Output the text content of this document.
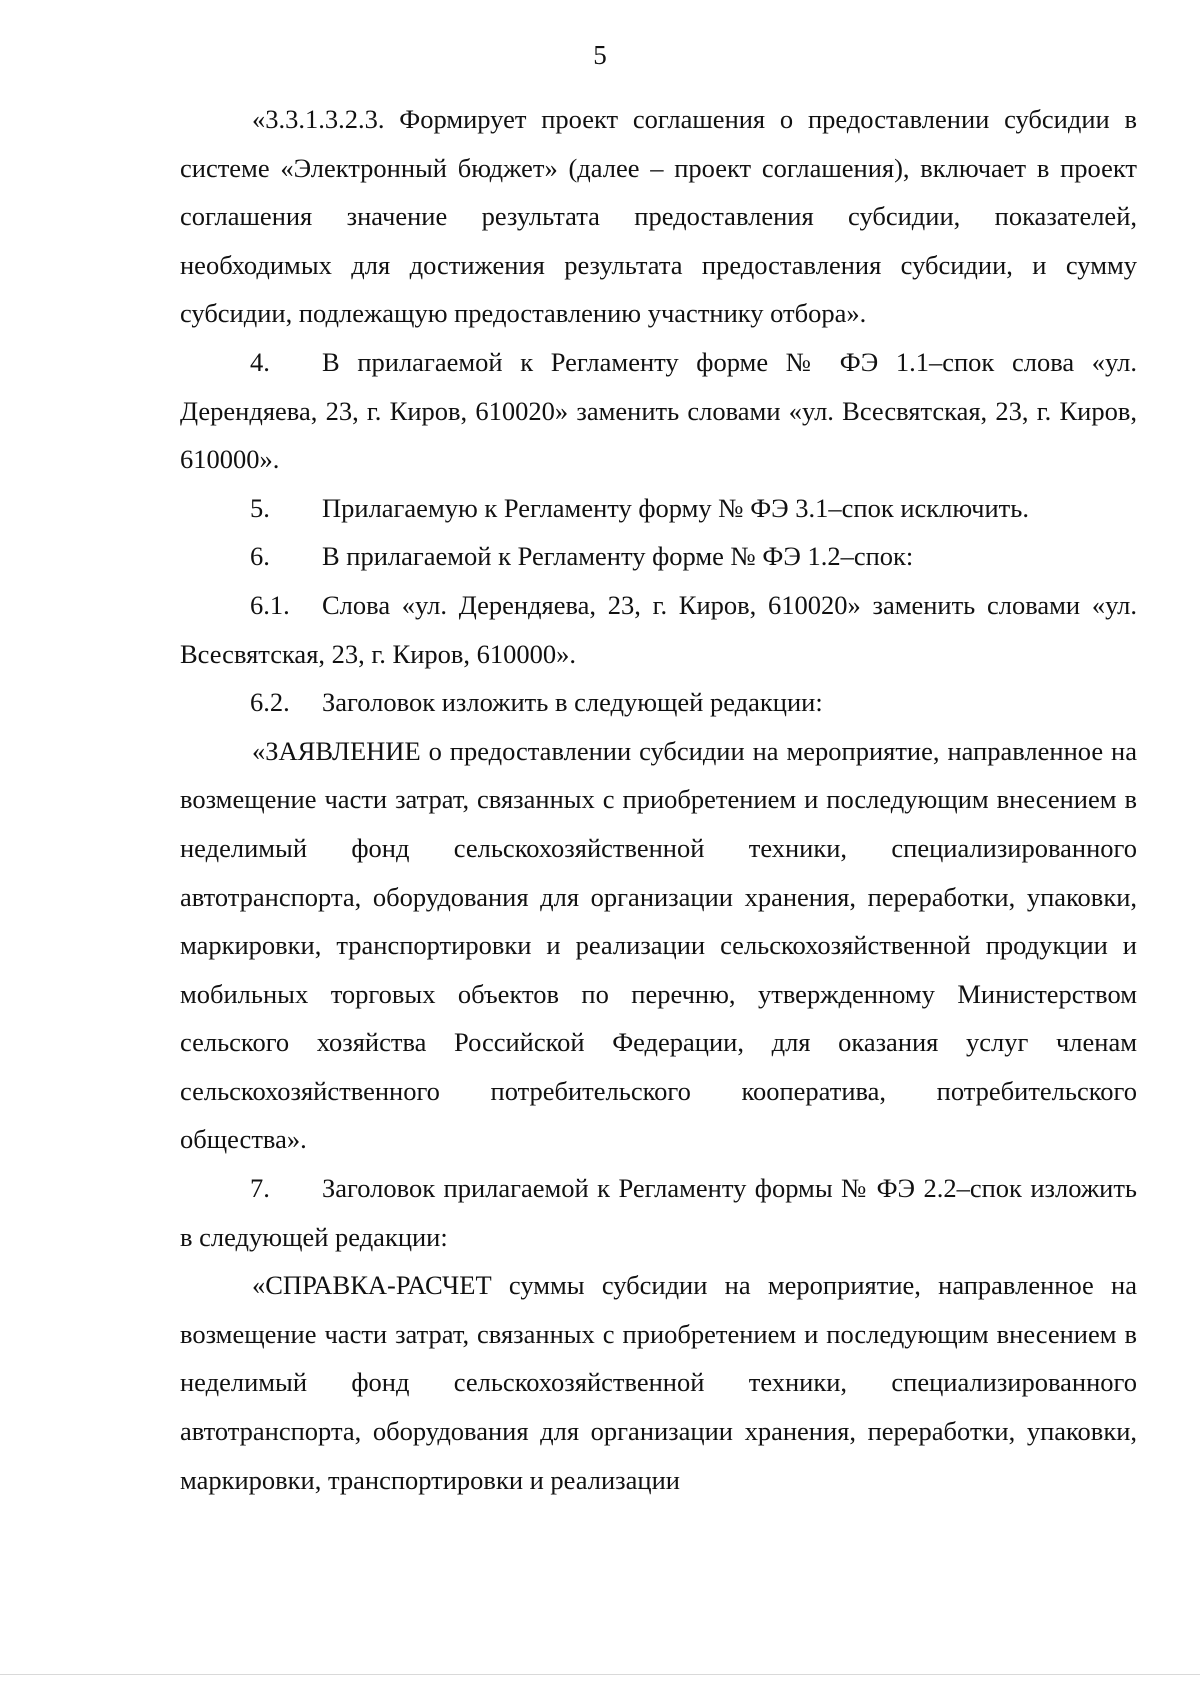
5

«3.3.1.3.2.3. Формирует проект соглашения о предоставлении субсидии в системе «Электронный бюджет» (далее – проект соглашения), включает в проект соглашения значение результата предоставления субсидии, показателей, необходимых для достижения результата предоставления субсидии, и сумму субсидии, подлежащую предоставлению участнику отбора».

4. В прилагаемой к Регламенту форме № ФЭ 1.1–спок слова «ул. Дерендяева, 23, г. Киров, 610020» заменить словами «ул. Всесвятская, 23, г. Киров, 610000».

5. Прилагаемую к Регламенту форму № ФЭ 3.1–спок исключить.

6. В прилагаемой к Регламенту форме № ФЭ 1.2–спок:

6.1. Слова «ул. Дерендяева, 23, г. Киров, 610020» заменить словами «ул. Всесвятская, 23, г. Киров, 610000».

6.2. Заголовок изложить в следующей редакции:

«ЗАЯВЛЕНИЕ о предоставлении субсидии на мероприятие, направленное на возмещение части затрат, связанных с приобретением и последующим внесением в неделимый фонд сельскохозяйственной техники, специализированного автотранспорта, оборудования для организации хранения, переработки, упаковки, маркировки, транспортировки и реализации сельскохозяйственной продукции и мобильных торговых объектов по перечню, утвержденному Министерством сельского хозяйства Российской Федерации, для оказания услуг членам сельскохозяйственного потребительского кооператива, потребительского общества».

7. Заголовок прилагаемой к Регламенту формы № ФЭ 2.2–спок изложить в следующей редакции:

«СПРАВКА-РАСЧЕТ суммы субсидии на мероприятие, направленное на возмещение части затрат, связанных с приобретением и последующим внесением в неделимый фонд сельскохозяйственной техники, специализированного автотранспорта, оборудования для организации хранения, переработки, упаковки, маркировки, транспортировки и реализации
